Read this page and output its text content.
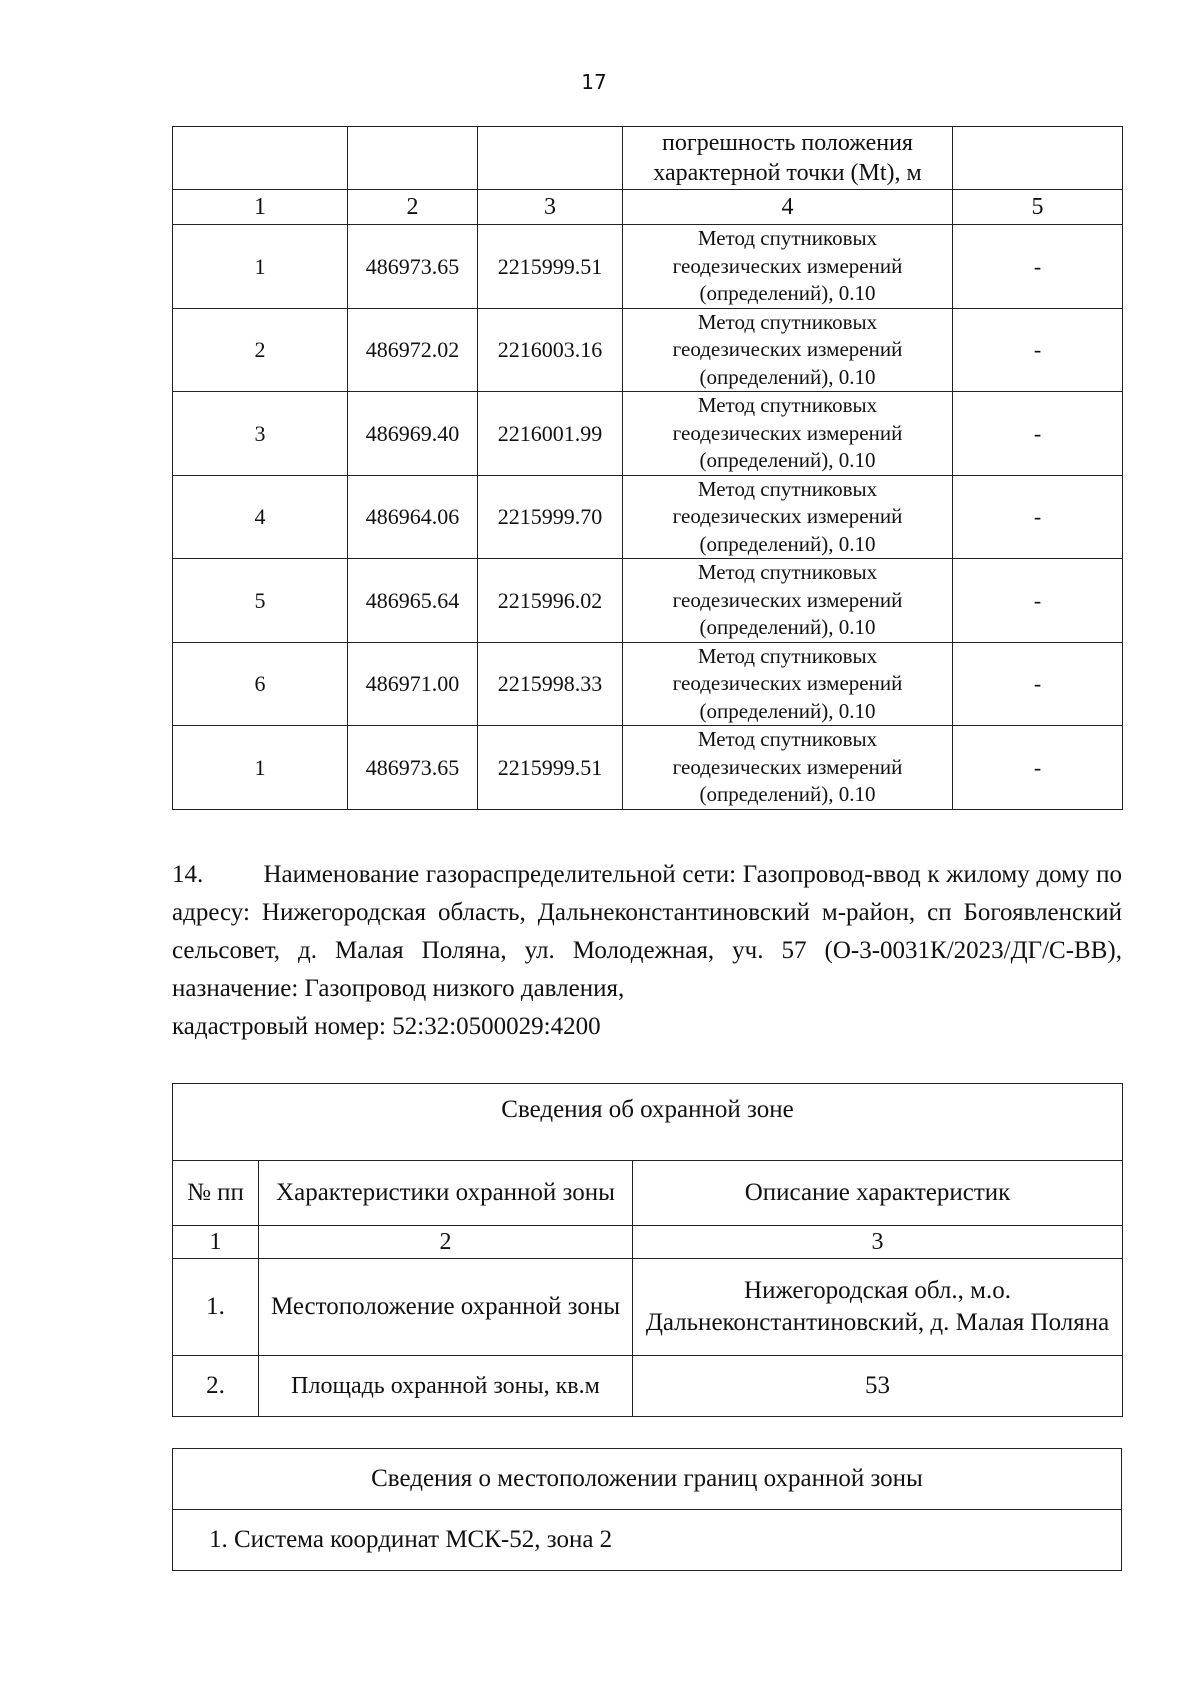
17
			погрешность положения характерной точки (Mt), м	
1	2	3	4	5
1	486973.65	2215999.51	Метод спутниковых
геодезических измерений
(определений), 0.10	-
2	486972.02	2216003.16	Метод спутниковых
геодезических измерений
(определений), 0.10	-
3	486969.40	2216001.99	Метод спутниковых
геодезических измерений
(определений), 0.10	-
4	486964.06	2215999.70	Метод спутниковых
геодезических измерений
(определений), 0.10	-
5	486965.64	2215996.02	Метод спутниковых
геодезических измерений
(определений), 0.10	-
6	486971.00	2215998.33	Метод спутниковых
геодезических измерений
(определений), 0.10	-
1	486973.65	2215999.51	Метод спутниковых
геодезических измерений
(определений), 0.10	-
14. Наименование газораспределительной сети: Газопровод-ввод к жилому дому по адресу: Нижегородская область, Дальнеконстантиновский м-район, сп Богоявленский сельсовет, д. Малая Поляна, ул. Молодежная, уч. 57 (О-3-0031К/2023/ДГ/С-ВВ), назначение: Газопровод низкого давления,
кадастровый номер: 52:32:0500029:4200
Сведения об охранной зоне		
№ пп	Характеристики охранной зоны	Описание характеристик
1	2	3
1.	Местоположение охранной зоны	Нижегородская обл., м.о. Дальнеконстантиновский, д. Малая Поляна
2.	Площадь охранной зоны, кв.м	53
Сведения о местоположении границ охранной зоны
1. Система координат МСК-52, зона 2
